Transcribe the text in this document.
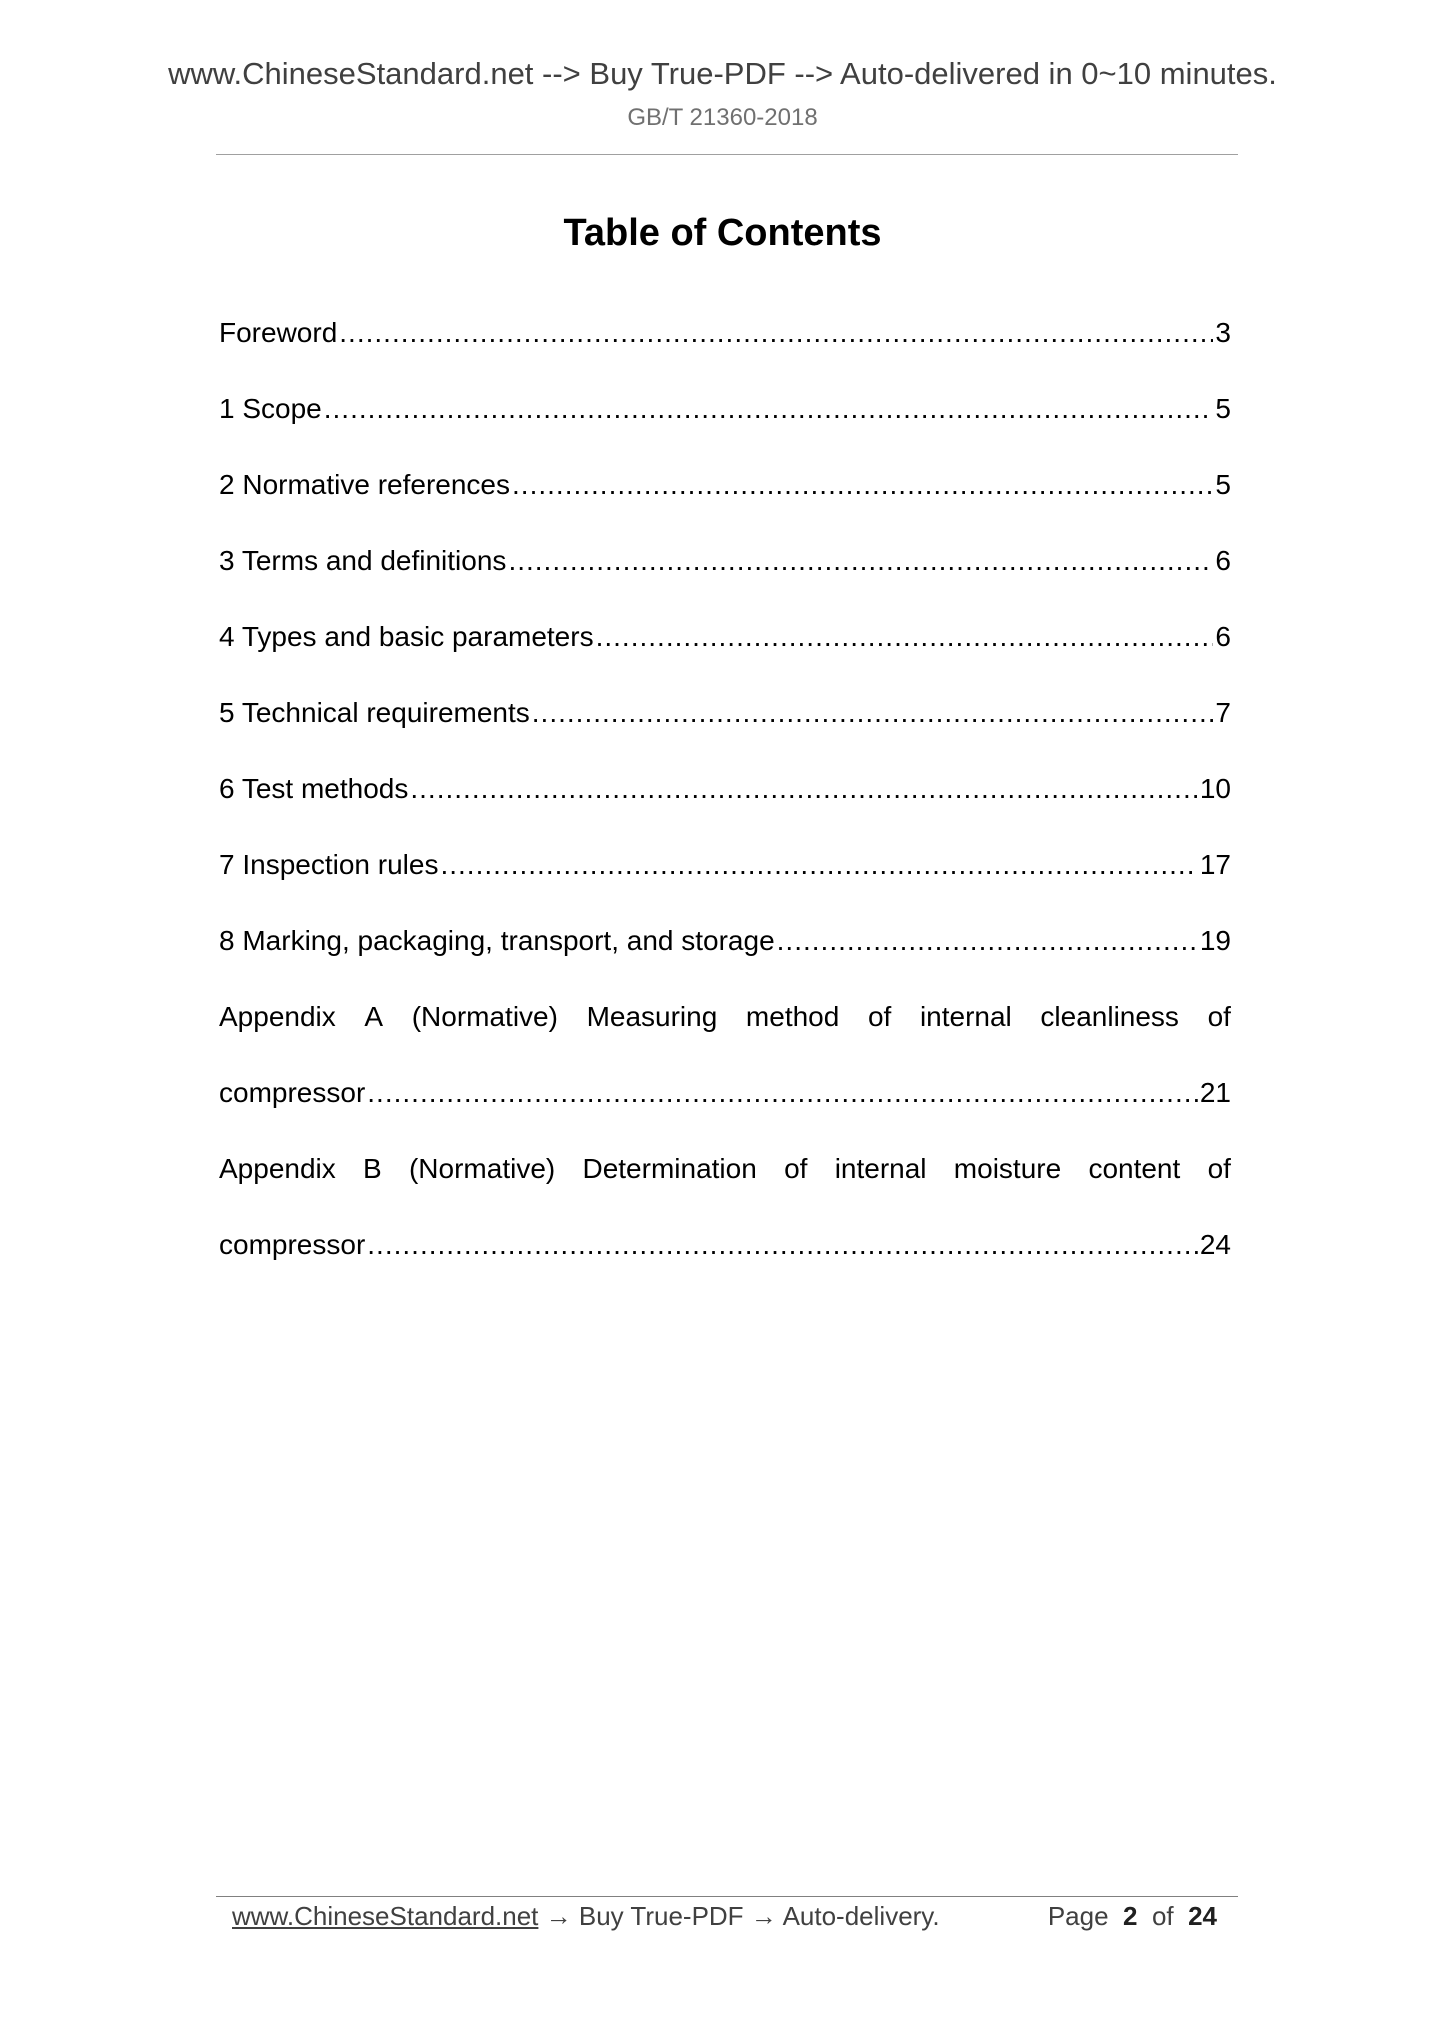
www.ChineseStandard.net --> Buy True-PDF --> Auto-delivered in 0~10 minutes.
GB/T 21360-2018
Table of Contents
Foreword .....	3
1 Scope .....	5
2 Normative references .....	5
3 Terms and definitions .....	6
4 Types and basic parameters .....	6
5 Technical requirements .....	7
6 Test methods .....	10
7 Inspection rules .....	17
8 Marking, packaging, transport, and storage .....	19
Appendix A (Normative) Measuring method of internal cleanliness of
compressor .....	21
Appendix B (Normative) Determination of internal moisture content of
compressor .....	24
www.ChineseStandard.net → Buy True-PDF → Auto-delivery.	Page 2 of 24
